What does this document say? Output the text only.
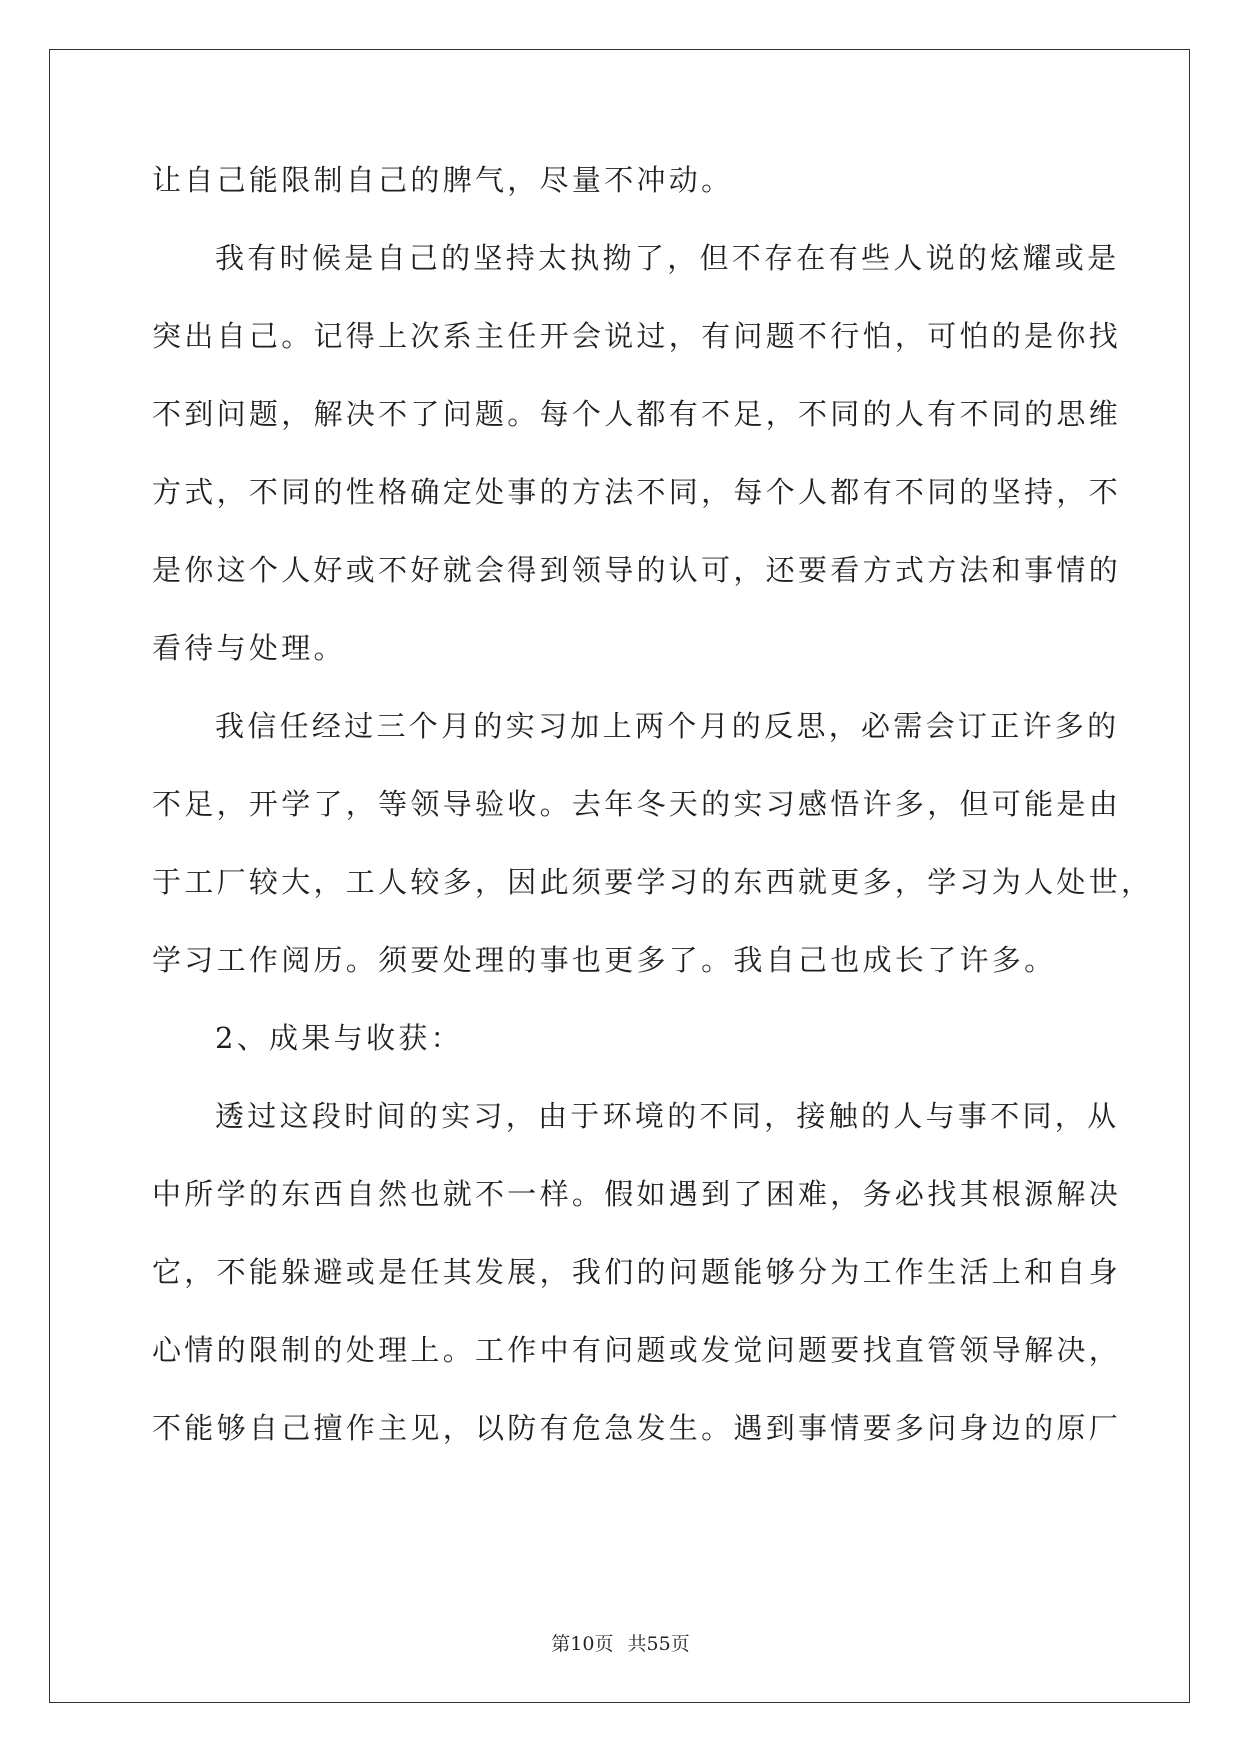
让自己能限制自己的脾气，尽量不冲动。
我有时候是自己的坚持太执拗了，但不存在有些人说的炫耀或是
突出自己。记得上次系主任开会说过，有问题不行怕，可怕的是你找
不到问题，解决不了问题。每个人都有不足，不同的人有不同的思维
方式，不同的性格确定处事的方法不同，每个人都有不同的坚持，不
是你这个人好或不好就会得到领导的认可，还要看方式方法和事情的
看待与处理。
我信任经过三个月的实习加上两个月的反思，必需会订正许多的
不足，开学了，等领导验收。去年冬天的实习感悟许多，但可能是由
于工厂较大，工人较多，因此须要学习的东西就更多，学习为人处世，
学习工作阅历。须要处理的事也更多了。我自己也成长了许多。
2、成果与收获：
透过这段时间的实习，由于环境的不同，接触的人与事不同，从
中所学的东西自然也就不一样。假如遇到了困难，务必找其根源解决
它，不能躲避或是任其发展，我们的问题能够分为工作生活上和自身
心情的限制的处理上。工作中有问题或发觉问题要找直管领导解决，
不能够自己擅作主见，以防有危急发生。遇到事情要多问身边的原厂
第10页 共55页
